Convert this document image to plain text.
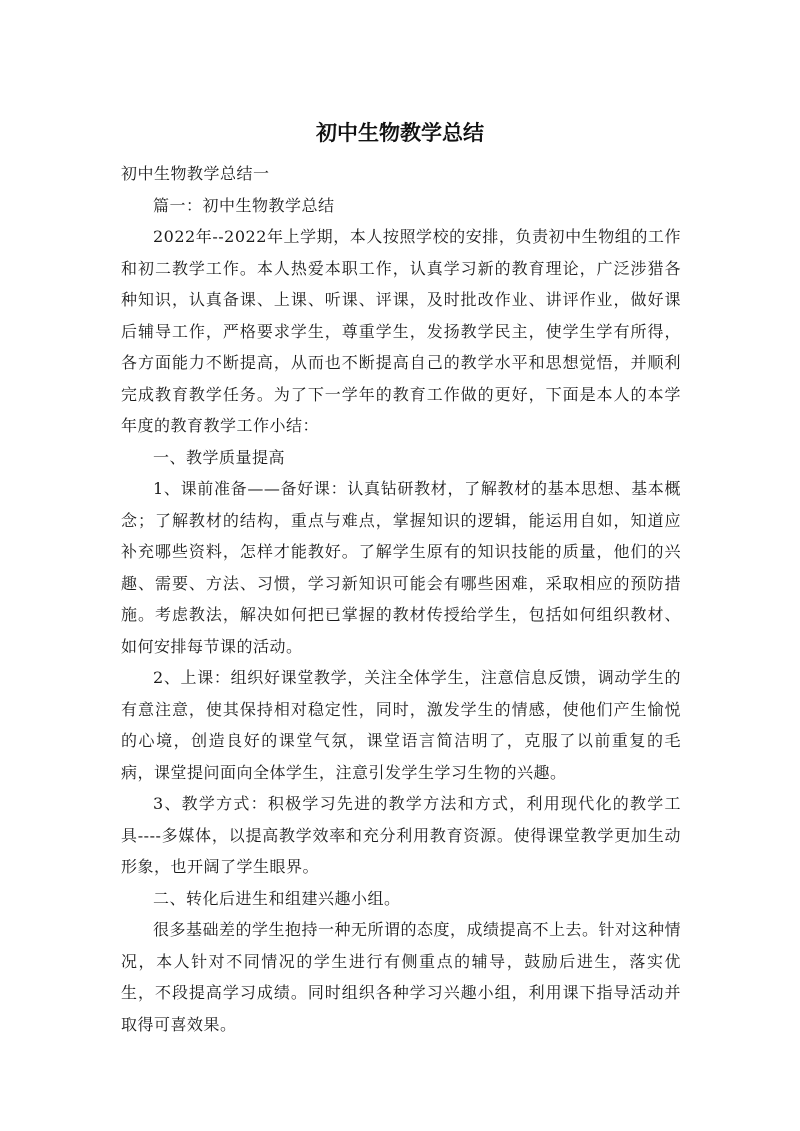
初中生物教学总结

初中生物教学总结一

篇一：初中生物教学总结

2022年--2022年上学期，本人按照学校的安排，负责初中生物组的工作和初二教学工作。本人热爱本职工作，认真学习新的教育理论，广泛涉猎各种知识，认真备课、上课、听课、评课，及时批改作业、讲评作业，做好课后辅导工作，严格要求学生，尊重学生，发扬教学民主，使学生学有所得，各方面能力不断提高，从而也不断提高自己的教学水平和思想觉悟，并顺利完成教育教学任务。为了下一学年的教育工作做的更好，下面是本人的本学年度的教育教学工作小结：

一、教学质量提高

1、课前准备——备好课：认真钻研教材，了解教材的基本思想、基本概念；了解教材的结构，重点与难点，掌握知识的逻辑，能运用自如，知道应补充哪些资料，怎样才能教好。了解学生原有的知识技能的质量，他们的兴趣、需要、方法、习惯，学习新知识可能会有哪些困难，采取相应的预防措施。考虑教法，解决如何把已掌握的教材传授给学生，包括如何组织教材、如何安排每节课的活动。

2、上课：组织好课堂教学，关注全体学生，注意信息反馈，调动学生的有意注意，使其保持相对稳定性，同时，激发学生的情感，使他们产生愉悦的心境，创造良好的课堂气氛，课堂语言简洁明了，克服了以前重复的毛病，课堂提问面向全体学生，注意引发学生学习生物的兴趣。

3、教学方式：积极学习先进的教学方法和方式，利用现代化的教学工具----多媒体，以提高教学效率和充分利用教育资源。使得课堂教学更加生动形象，也开阔了学生眼界。

二、转化后进生和组建兴趣小组。

很多基础差的学生抱持一种无所谓的态度，成绩提高不上去。针对这种情况，本人针对不同情况的学生进行有侧重点的辅导，鼓励后进生，落实优生，不段提高学习成绩。同时组织各种学习兴趣小组，利用课下指导活动并取得可喜效果。
